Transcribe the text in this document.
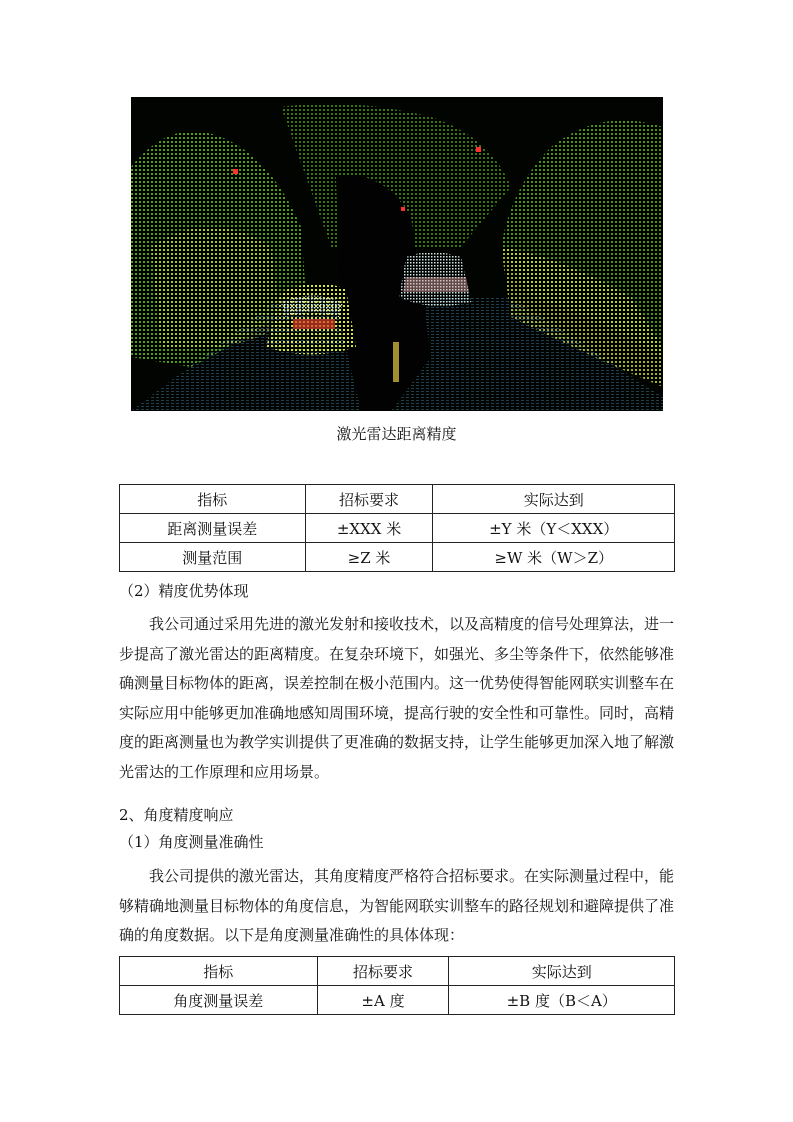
激光雷达距离精度
指标	招标要求	实际达到
距离测量误差	±XXX 米	±Y 米（Y＜XXX）
测量范围	≥Z 米	≥W 米（W＞Z）
（2）精度优势体现
我公司通过采用先进的激光发射和接收技术，以及高精度的信号处理算法，进一步提高了激光雷达的距离精度。在复杂环境下，如强光、多尘等条件下，依然能够准确测量目标物体的距离，误差控制在极小范围内。这一优势使得智能网联实训整车在实际应用中能够更加准确地感知周围环境，提高行驶的安全性和可靠性。同时，高精度的距离测量也为教学实训提供了更准确的数据支持，让学生能够更加深入地了解激光雷达的工作原理和应用场景。
2、角度精度响应
（1）角度测量准确性
我公司提供的激光雷达，其角度精度严格符合招标要求。在实际测量过程中，能够精确地测量目标物体的角度信息，为智能网联实训整车的路径规划和避障提供了准确的角度数据。以下是角度测量准确性的具体体现：
指标	招标要求	实际达到
角度测量误差	±A 度	±B 度（B＜A）
